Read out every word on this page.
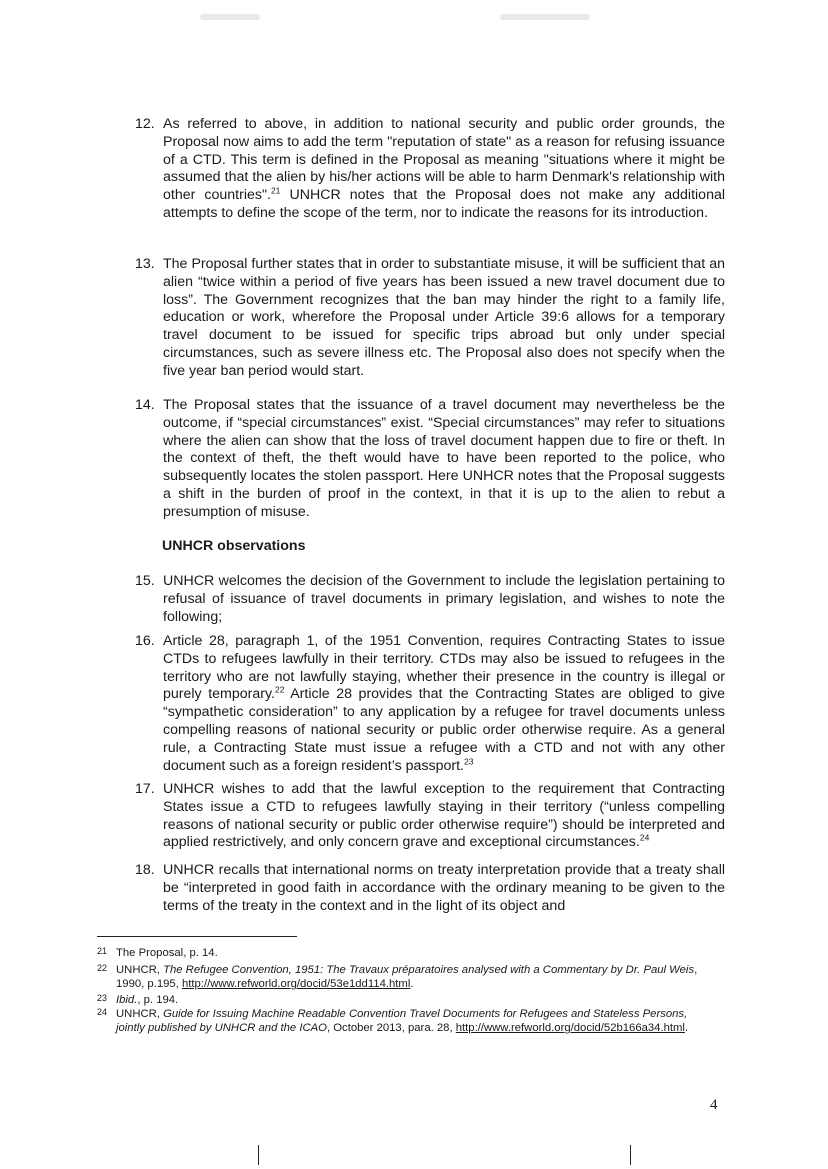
12. As referred to above, in addition to national security and public order grounds, the Proposal now aims to add the term "reputation of state" as a reason for refusing issuance of a CTD. This term is defined in the Proposal as meaning "situations where it might be assumed that the alien by his/her actions will be able to harm Denmark's relationship with other countries".$^{21}$ UNHCR notes that the Proposal does not make any additional attempts to define the scope of the term, nor to indicate the reasons for its introduction.
13. The Proposal further states that in order to substantiate misuse, it will be sufficient that an alien “twice within a period of five years has been issued a new travel document due to loss”. The Government recognizes that the ban may hinder the right to a family life, education or work, wherefore the Proposal under Article 39:6 allows for a temporary travel document to be issued for specific trips abroad but only under special circumstances, such as severe illness etc. The Proposal also does not specify when the five year ban period would start.
14. The Proposal states that the issuance of a travel document may nevertheless be the outcome, if “special circumstances” exist. “Special circumstances” may refer to situations where the alien can show that the loss of travel document happen due to fire or theft. In the context of theft, the theft would have to have been reported to the police, who subsequently locates the stolen passport. Here UNHCR notes that the Proposal suggests a shift in the burden of proof in the context, in that it is up to the alien to rebut a presumption of misuse.
UNHCR observations
15. UNHCR welcomes the decision of the Government to include the legislation pertaining to refusal of issuance of travel documents in primary legislation, and wishes to note the following;
16. Article 28, paragraph 1, of the 1951 Convention, requires Contracting States to issue CTDs to refugees lawfully in their territory. CTDs may also be issued to refugees in the territory who are not lawfully staying, whether their presence in the country is illegal or purely temporary.$^{22}$ Article 28 provides that the Contracting States are obliged to give “sympathetic consideration” to any application by a refugee for travel documents unless compelling reasons of national security or public order otherwise require. As a general rule, a Contracting State must issue a refugee with a CTD and not with any other document such as a foreign resident’s passport.$^{23}$
17. UNHCR wishes to add that the lawful exception to the requirement that Contracting States issue a CTD to refugees lawfully staying in their territory (“unless compelling reasons of national security or public order otherwise require”) should be interpreted and applied restrictively, and only concern grave and exceptional circumstances.$^{24}$
18. UNHCR recalls that international norms on treaty interpretation provide that a treaty shall be “interpreted in good faith in accordance with the ordinary meaning to be given to the terms of the treaty in the context and in the light of its object and
21 The Proposal, p. 14.
22 UNHCR, The Refugee Convention, 1951: The Travaux préparatoires analysed with a Commentary by Dr. Paul Weis, 1990, p.195, http://www.refworld.org/docid/53e1dd114.html.
23 Ibid., p. 194.
24 UNHCR, Guide for Issuing Machine Readable Convention Travel Documents for Refugees and Stateless Persons, jointly published by UNHCR and the ICAO, October 2013, para. 28, http://www.refworld.org/docid/52b166a34.html.
4
